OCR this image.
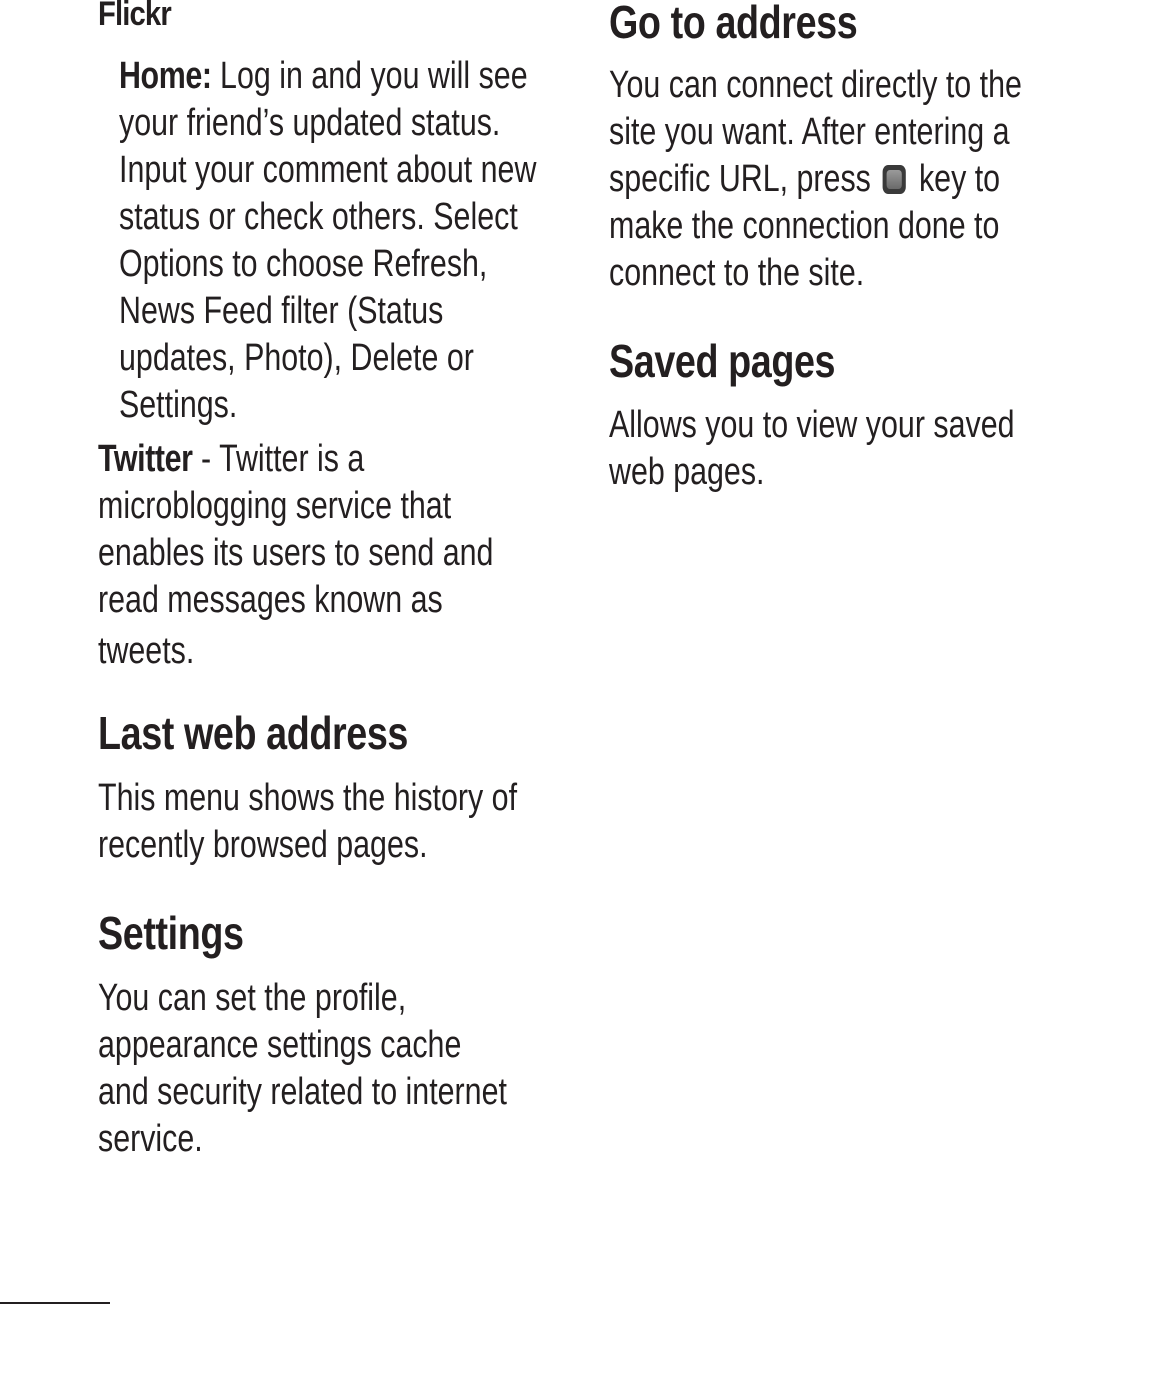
Flickr

Home: Log in and you will see
your friend’s updated status.
Input your comment about new
status or check others. Select
Options to choose Refresh,
News Feed filter (Status
updates, Photo), Delete or
Settings.

Twitter - Twitter is a
microblogging service that
enables its users to send and
read messages known as
tweets.

Last web address

This menu shows the history of
recently browsed pages.

Settings

You can set the profile,
appearance settings cache
and security related to internet
service.

Go to address

You can connect directly to the
site you want. After entering a
specific URL, press  key to
make the connection done to
connect to the site.

Saved pages

Allows you to view your saved
web pages.
